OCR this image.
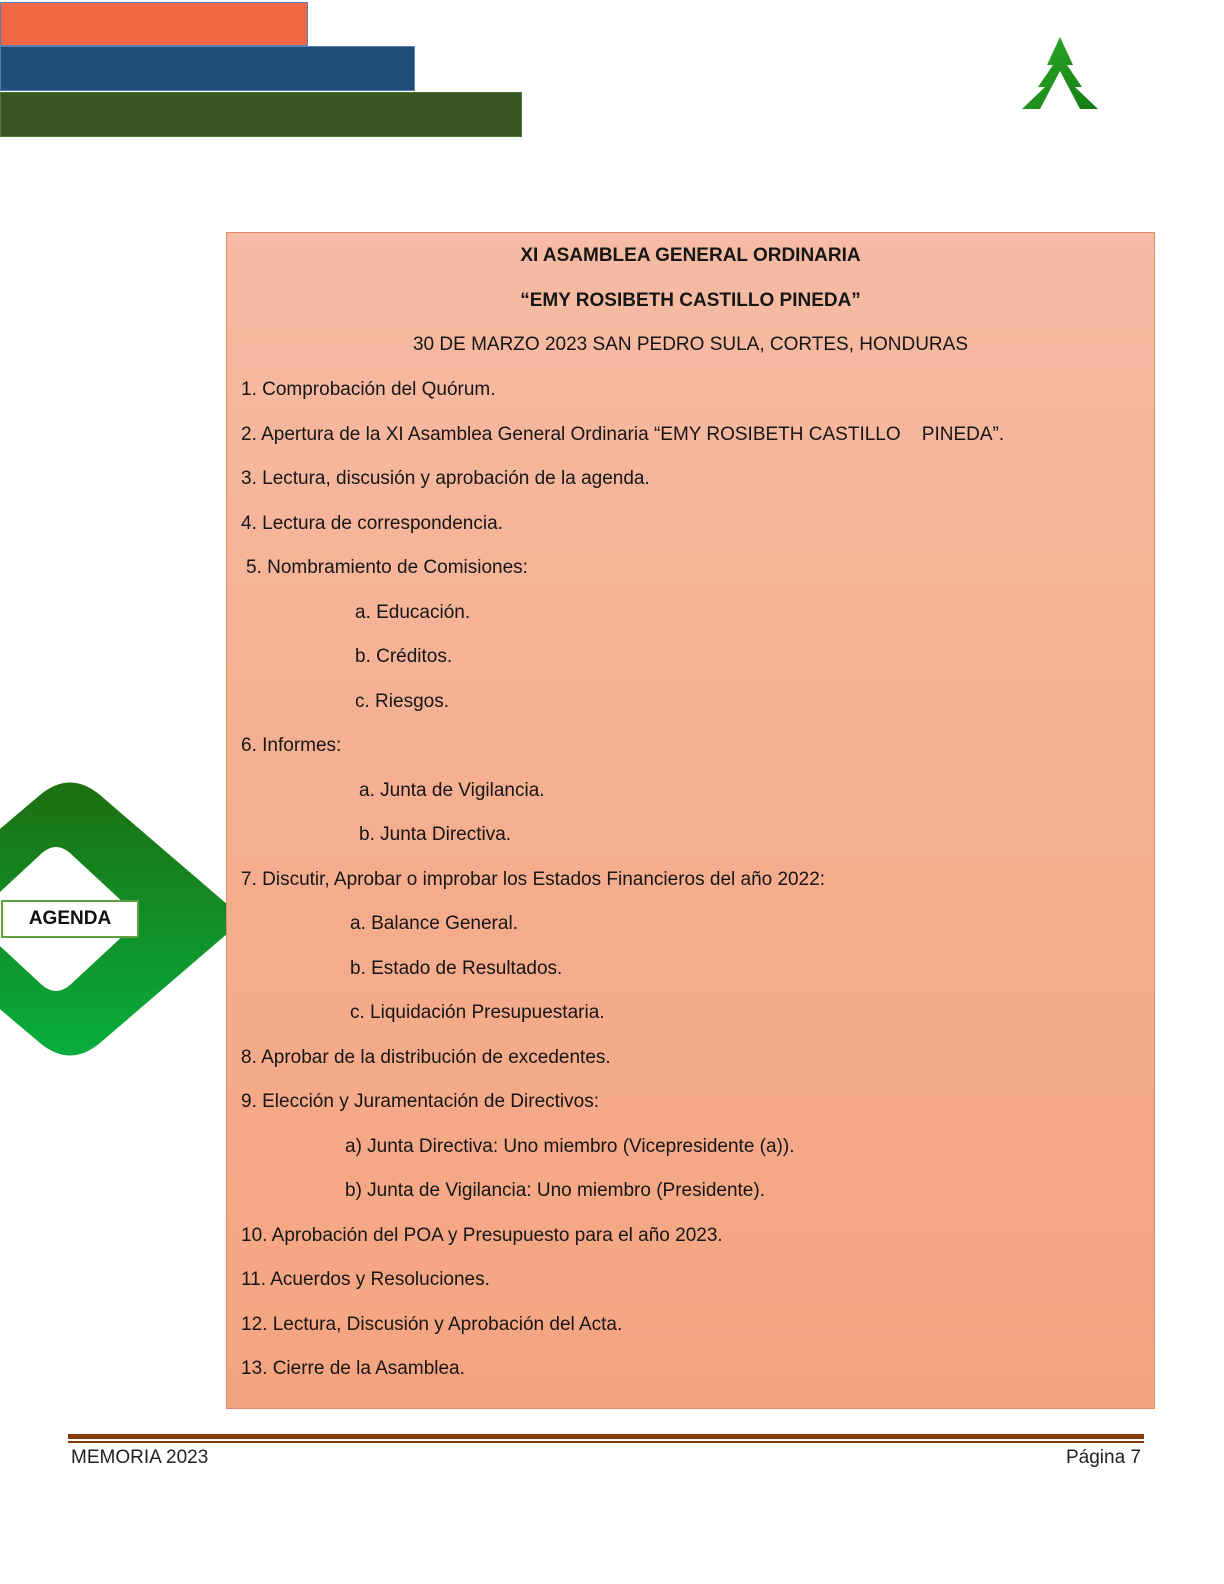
AGENDA
XI ASAMBLEA GENERAL ORDINARIA
“EMY ROSIBETH CASTILLO PINEDA”
30 DE MARZO 2023 SAN PEDRO SULA, CORTES, HONDURAS
1. Comprobación del Quórum.
2. Apertura de la XI Asamblea General Ordinaria “EMY ROSIBETH CASTILLO    PINEDA”.
3. Lectura, discusión y aprobación de la agenda.
4. Lectura de correspondencia.
5. Nombramiento de Comisiones:
a. Educación.
b. Créditos.
c. Riesgos.
6. Informes:
a. Junta de Vigilancia.
b. Junta Directiva.
7. Discutir, Aprobar o improbar los Estados Financieros del año 2022:
a. Balance General.
b. Estado de Resultados.
c. Liquidación Presupuestaria.
8. Aprobar de la distribución de excedentes.
9. Elección y Juramentación de Directivos:
a) Junta Directiva: Uno miembro (Vicepresidente (a)).
b) Junta de Vigilancia: Uno miembro (Presidente).
10. Aprobación del POA y Presupuesto para el año 2023.
11. Acuerdos y Resoluciones.
12. Lectura, Discusión y Aprobación del Acta.
13. Cierre de la Asamblea.
MEMORIA 2023	Página 7
